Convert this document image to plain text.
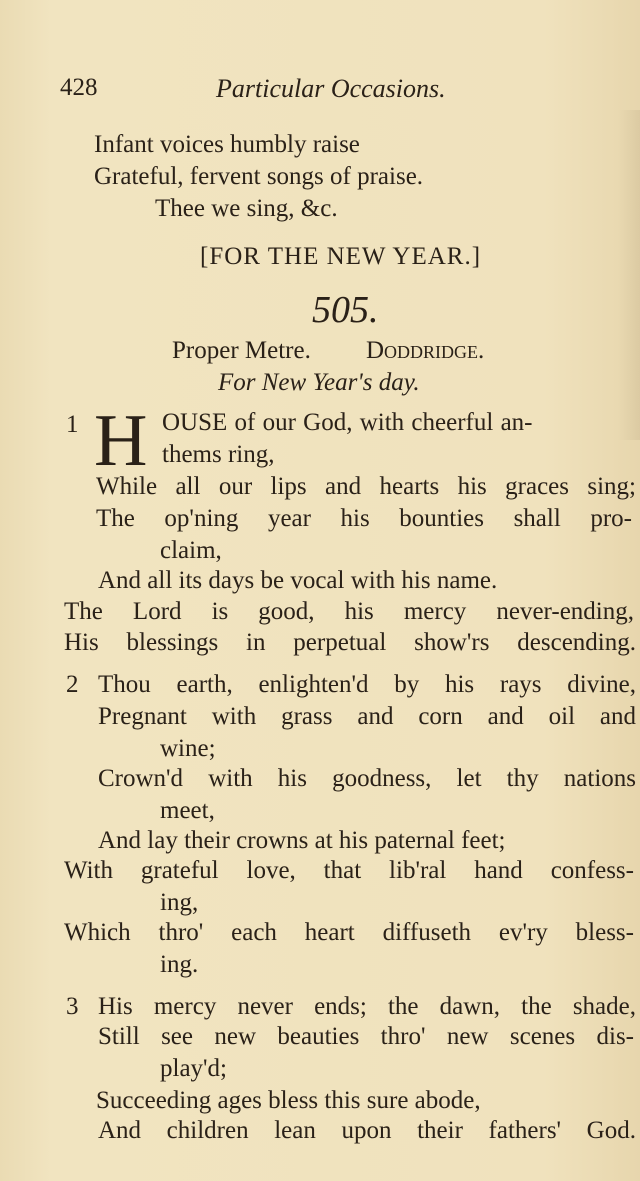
428	Particular Occasions.
Infant voices humbly raise
Grateful, fervent songs of praise.
Thee we sing, &c.
[FOR THE NEW YEAR.]
505.
Proper Metre. Doddridge.
For New Year's day.
1 H OUSE of our God, with cheerful an-
thems ring,
While all our lips and hearts his graces sing;
The op'ning year his bounties shall pro-
claim,
And all its days be vocal with his name.
The Lord is good, his mercy never-ending,
His blessings in perpetual show'rs descending.
2 Thou earth, enlighten'd by his rays divine,
Pregnant with grass and corn and oil and
wine;
Crown'd with his goodness, let thy nations
meet,
And lay their crowns at his paternal feet;
With grateful love, that lib'ral hand confess-
ing,
Which thro' each heart diffuseth ev'ry bless-
ing.
3 His mercy never ends; the dawn, the shade,
Still see new beauties thro' new scenes dis-
play'd;
Succeeding ages bless this sure abode,
And children lean upon their fathers' God.
